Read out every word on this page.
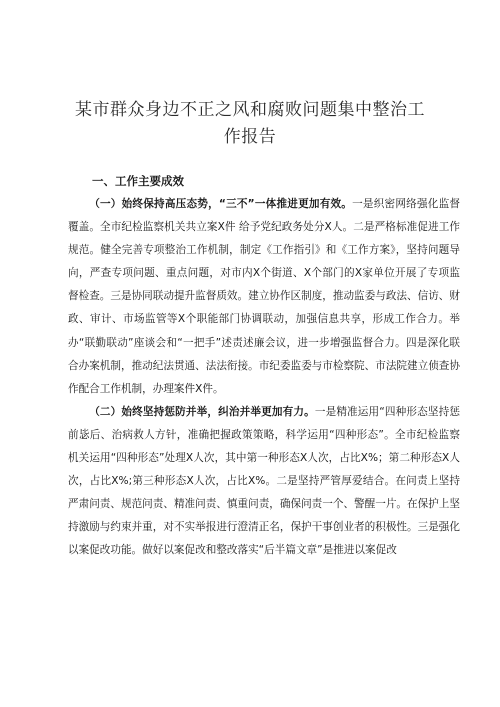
某市群众身边不正之风和腐败问题集中整治工
作报告
一、工作主要成效

（一）始终保持高压态势，“三不”一体推进更加有效。一是织密网络强化监督覆盖。全市纪检监察机关共立案X件 给予党纪政务处分X人。二是严格标准促进工作规范。健全完善专项整治工作机制，制定《工作指引》和《工作方案》，坚持问题导向，严查专项问题、重点问题，对市内X个街道、X个部门的X家单位开展了专项监督检查。三是协同联动提升监督质效。建立协作区制度，推动监委与政法、信访、财政、审计、市场监管等X个职能部门协调联动，加强信息共享，形成工作合力。举办“联勤联动”座谈会和“一把手”述责述廉会议，进一步增强监督合力。四是深化联合办案机制，推动纪法贯通、法法衔接。市纪委监委与市检察院、市法院建立侦查协作配合工作机制，办理案件X件。

（二）始终坚持惩防并举，纠治并举更加有力。一是精准运用“四种形态坚持惩前毖后、治病救人方针，准确把握政策策略，科学运用“四种形态”。全市纪检监察机关运用“四种形态”处理X人次，其中第一种形态X人次，占比X%；第二种形态X人次，占比X%;第三种形态X人次，占比X%。二是坚持严管厚爱结合。在问责上坚持严肃问责、规范问责、精准问责、慎重问责，确保问责一个、警醒一片。在保护上坚持激励与约束并重，对不实举报进行澄清正名，保护干事创业者的积极性。三是强化以案促改功能。做好以案促改和整改落实“后半篇文章”是推进以案促改
